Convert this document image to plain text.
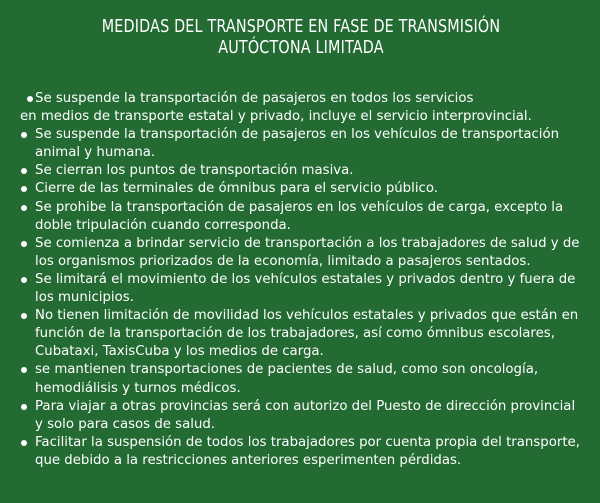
MEDIDAS DEL TRANSPORTE EN FASE DE TRANSMISIÓN
AUTÓCTONA LIMITADA
Se suspende la transportación de pasajeros en todos los servicios
en medios de transporte estatal y privado, incluye el servicio interprovincial.
Se suspende la transportación de pasajeros en los vehículos de transportación animal y humana.
Se cierran los puntos de transportación masiva.
Cierre de las terminales de ómnibus para el servicio público.
Se prohibe la transportación de pasajeros en los vehículos de carga, excepto la doble tripulación cuando corresponda.
Se comienza a brindar servicio de transportación a los trabajadores de salud y de los organismos priorizados de la economía, limitado a pasajeros sentados.
Se limitará el movimiento de los vehículos estatales y privados dentro y fuera de los municipios.
No tienen limitación de movilidad los vehículos estatales y privados que están en función de la transportación de los trabajadores, así como ómnibus escolares, Cubataxi, TaxisCuba y los medios de carga.
se mantienen transportaciones de pacientes de salud, como son oncología, hemodiálisis y turnos médicos.
Para viajar a otras provincias será con autorizo del Puesto de dirección provincial y solo para casos de salud.
Facilitar la suspensión de todos los trabajadores por cuenta propia del transporte, que debido a la restricciones anteriores esperimenten pérdidas.
